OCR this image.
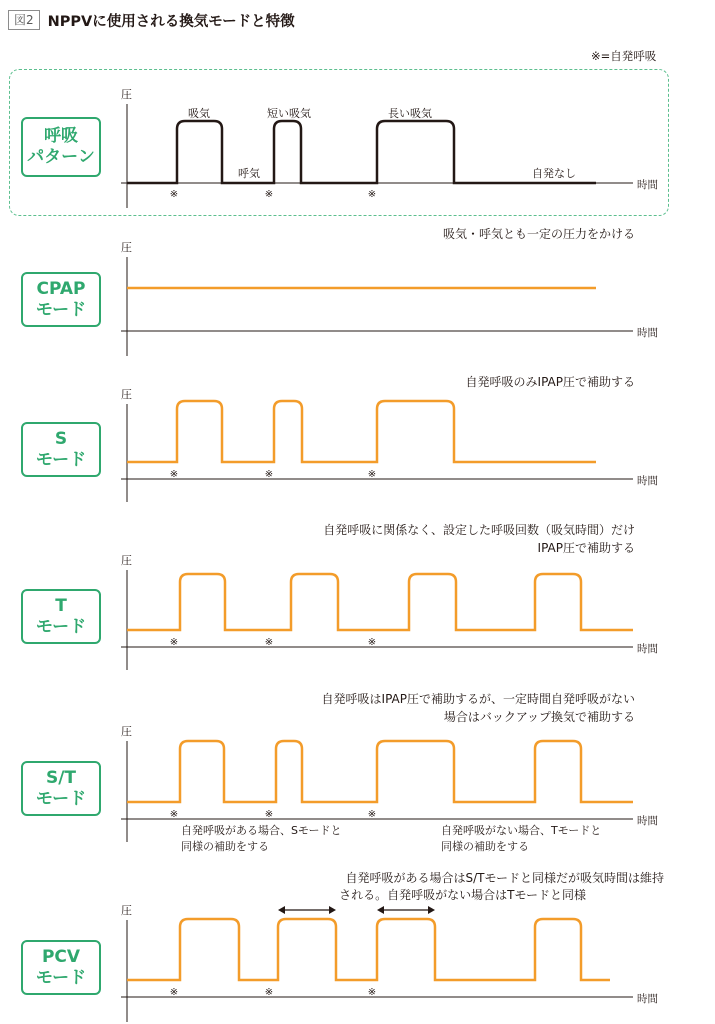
図2 NPPVに使用される換気モードと特徴
※=自発呼吸
呼吸
パターン
CPAP
モード
S
モード
T
モード
S/T
モード
PCV
モード
圧
時間
圧
時間
圧
時間
圧
時間
圧
時間
圧
時間
吸気
呼気
短い吸気	長い吸気
自発なし
※	※	※
吸気・呼気とも一定の圧力をかける
自発呼吸のみIPAP圧で補助する
※	※	※
自発呼吸に関係なく、設定した呼吸回数（吸気時間）だけ
IPAP圧で補助する
※	※	※
自発呼吸はIPAP圧で補助するが、一定時間自発呼吸がない
場合はバックアップ換気で補助する
※	※	※
自発呼吸がある場合、Sモードと
同様の補助をする
自発呼吸がない場合、Tモードと
同様の補助をする
自発呼吸がある場合はS/Tモードと同様だが吸気時間は維持
される。自発呼吸がない場合はTモードと同様
※	※	※
